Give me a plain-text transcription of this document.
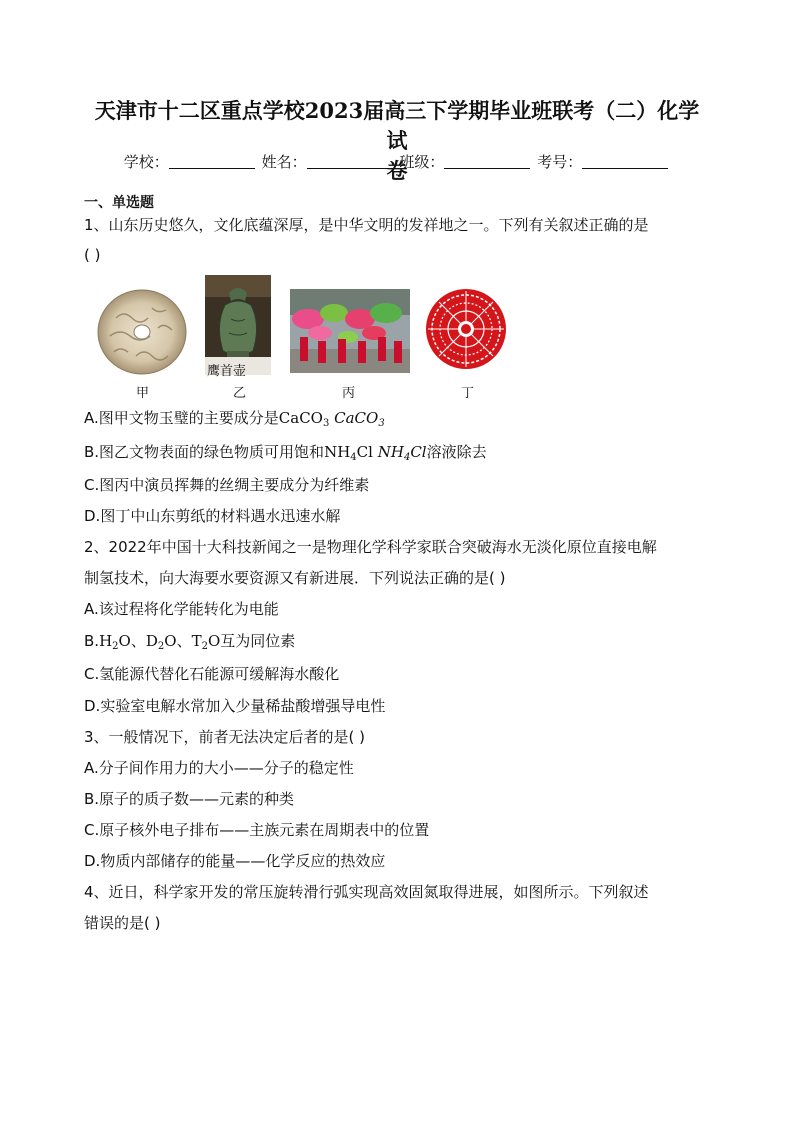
天津市十二区重点学校2023届高三下学期毕业班联考（二）化学试
卷
学校：	姓名：	班级：	考号：
一、单选题
1、山东历史悠久，文化底蕴深厚，是中华文明的发祥地之一。下列有关叙述正确的是
( )
鹰首壶
甲	乙	丙	丁
A.图甲文物玉璧的主要成分是CaCO$_3$ CaCO$_3$
B.图乙文物表面的绿色物质可用饱和$NH_4Cl$ $NH_4Cl$溶液除去
C.图丙中演员挥舞的丝绸主要成分为纤维素
D.图丁中山东剪纸的材料遇水迅速水解
2、2022年中国十大科技新闻之一是物理化学科学家联合突破海水无淡化原位直接电解
制氢技术，向大海要水要资源又有新进展．下列说法正确的是( )
A.该过程将化学能转化为电能
$B.H_2O$、$D_2O$、$T_2O$互为同位素
C.氢能源代替化石能源可缓解海水酸化
D.实验室电解水常加入少量稀盐酸增强导电性
3、一般情况下，前者无法决定后者的是( )
A.分子间作用力的大小——分子的稳定性
B.原子的质子数——元素的种类
C.原子核外电子排布——主族元素在周期表中的位置
D.物质内部储存的能量——化学反应的热效应
4、近日，科学家开发的常压旋转滑行弧实现高效固氮取得进展，如图所示。下列叙述
错误的是( )
